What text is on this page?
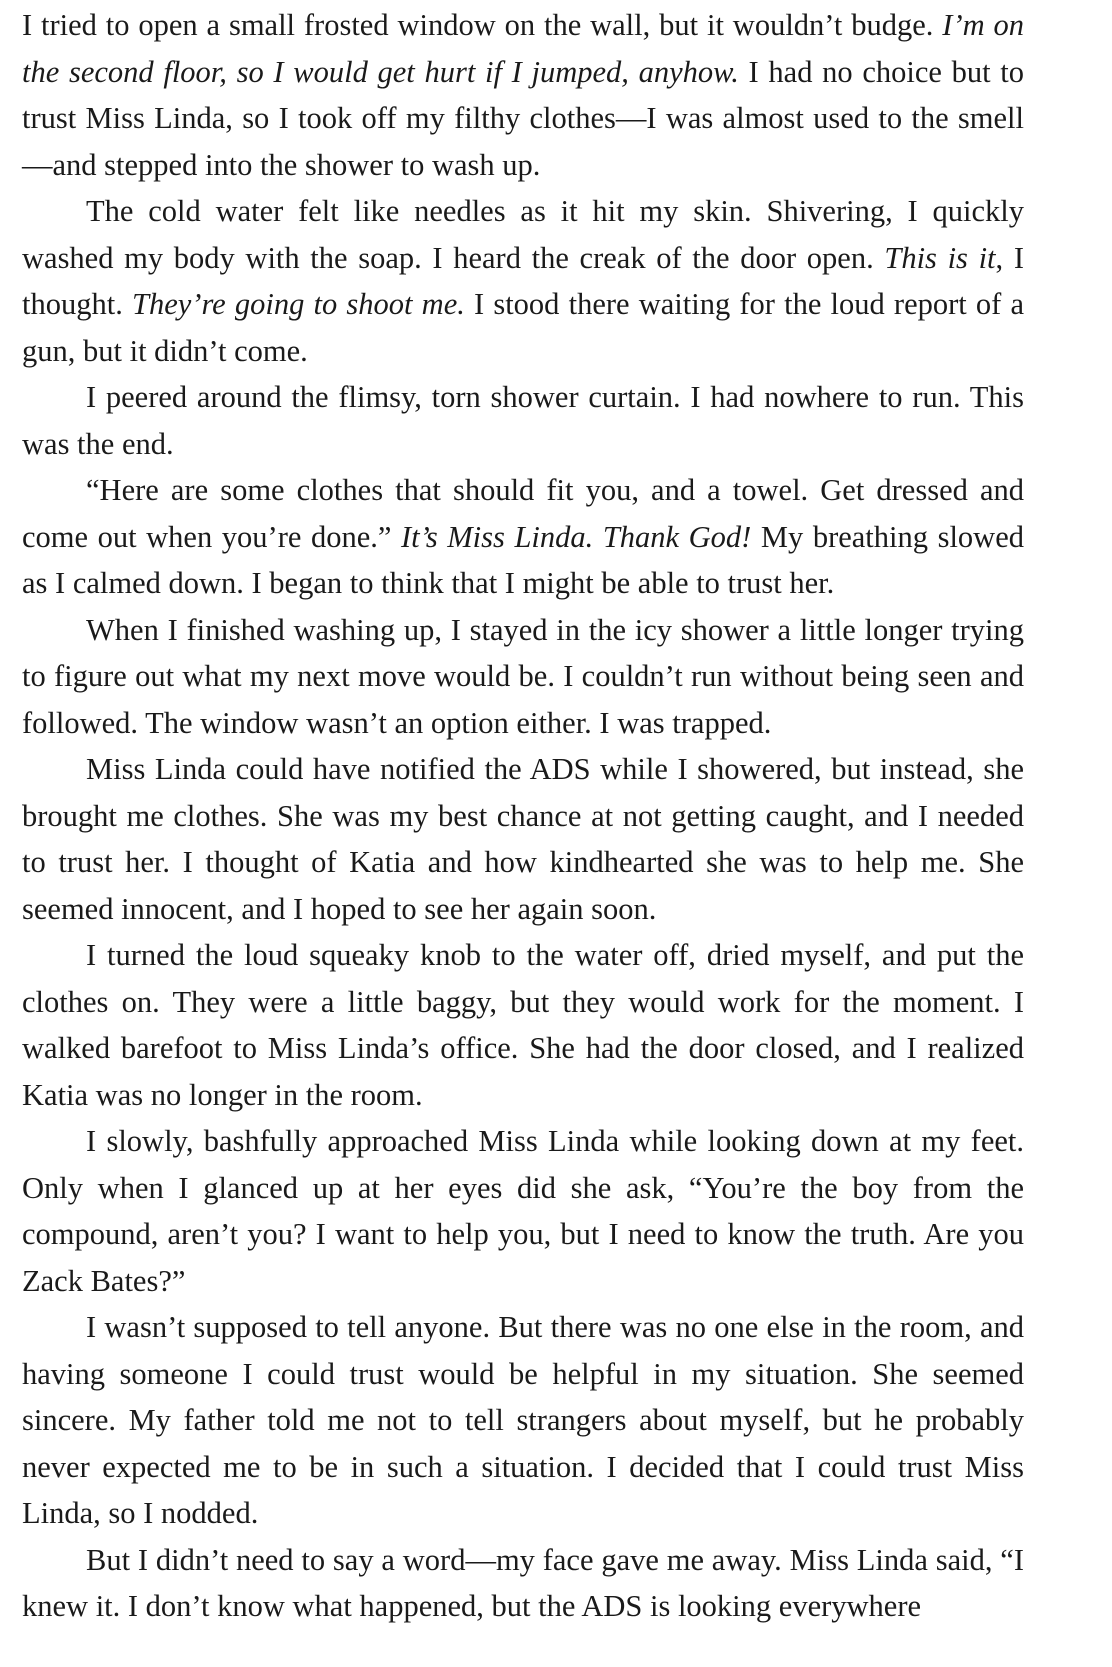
I tried to open a small frosted window on the wall, but it wouldn’t budge. I’m on the second floor, so I would get hurt if I jumped, anyhow. I had no choice but to trust Miss Linda, so I took off my filthy clothes—I was almost used to the smell—and stepped into the shower to wash up.

The cold water felt like needles as it hit my skin. Shivering, I quickly washed my body with the soap. I heard the creak of the door open. This is it, I thought. They’re going to shoot me. I stood there waiting for the loud report of a gun, but it didn’t come.

I peered around the flimsy, torn shower curtain. I had nowhere to run. This was the end.

“Here are some clothes that should fit you, and a towel. Get dressed and come out when you’re done.” It’s Miss Linda. Thank God! My breathing slowed as I calmed down. I began to think that I might be able to trust her.

When I finished washing up, I stayed in the icy shower a little longer trying to figure out what my next move would be. I couldn’t run without being seen and followed. The window wasn’t an option either. I was trapped.

Miss Linda could have notified the ADS while I showered, but instead, she brought me clothes. She was my best chance at not getting caught, and I needed to trust her. I thought of Katia and how kindhearted she was to help me. She seemed innocent, and I hoped to see her again soon.

I turned the loud squeaky knob to the water off, dried myself, and put the clothes on. They were a little baggy, but they would work for the moment. I walked barefoot to Miss Linda’s office. She had the door closed, and I realized Katia was no longer in the room.

I slowly, bashfully approached Miss Linda while looking down at my feet. Only when I glanced up at her eyes did she ask, “You’re the boy from the compound, aren’t you? I want to help you, but I need to know the truth. Are you Zack Bates?”

I wasn’t supposed to tell anyone. But there was no one else in the room, and having someone I could trust would be helpful in my situation. She seemed sincere. My father told me not to tell strangers about myself, but he probably never expected me to be in such a situation. I decided that I could trust Miss Linda, so I nodded.

But I didn’t need to say a word—my face gave me away. Miss Linda said, “I knew it. I don’t know what happened, but the ADS is looking everywhere
